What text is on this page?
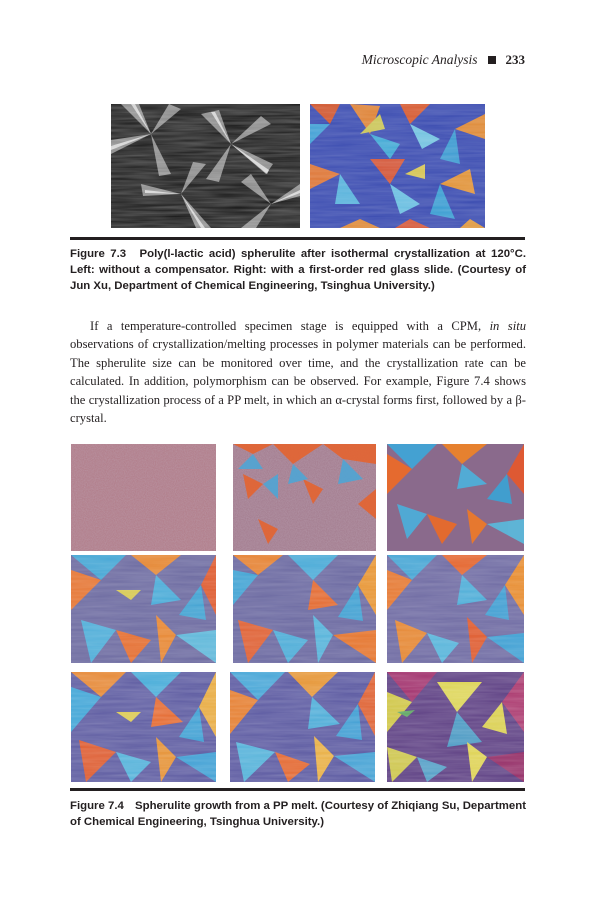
Microscopic Analysis 233
Figure 7.3 Poly(l-lactic acid) spherulite after isothermal crystallization at 120°C. Left: without a compensator. Right: with a first-order red glass slide. (Courtesy of Jun Xu, Department of Chemical Engineering, Tsinghua University.)

If a temperature-controlled specimen stage is equipped with a CPM, in situ observations of crystallization/melting processes in polymer materials can be performed. The spherulite size can be monitored over time, and the crystallization rate can be calculated. In addition, polymorphism can be observed. For example, Figure 7.4 shows the crystallization process of a PP melt, in which an α-crystal forms first, followed by a β-crystal.

Figure 7.4 Spherulite growth from a PP melt. (Courtesy of Zhiqiang Su, Department of Chemical Engineering, Tsinghua University.)
